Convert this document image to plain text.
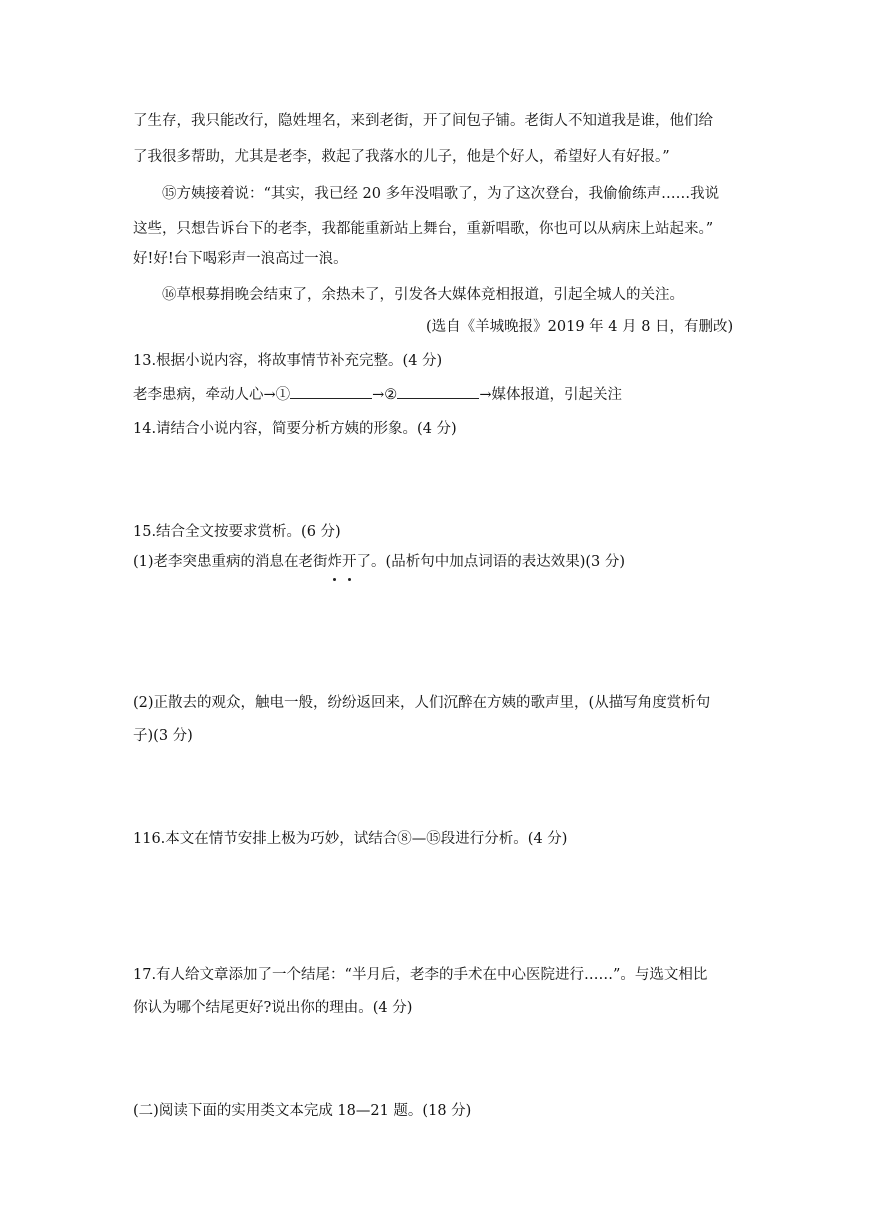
了生存，我只能改行，隐姓埋名，来到老街，开了间包子铺。老街人不知道我是谁，他们给
了我很多帮助，尤其是老李，救起了我落水的儿子，他是个好人，希望好人有好报。”
⑮方姨接着说：“其实，我已经 20 多年没唱歌了，为了这次登台，我偷偷练声……我说
这些，只想告诉台下的老李，我都能重新站上舞台，重新唱歌，你也可以从病床上站起来。”
好!好!台下喝彩声一浪高过一浪。
⑯草根募捐晚会结束了，余热未了，引发各大媒体竞相报道，引起全城人的关注。
(选自《羊城晚报》2019 年 4 月 8 日，有删改)
13.根据小说内容，将故事情节补充完整。(4 分)
老李患病，牵动人心→①	→②	→媒体报道，引起关注
14.请结合小说内容，简要分析方姨的形象。(4 分)
15.结合全文按要求赏析。(6 分)
(1)老李突患重病的消息在老街炸开了。(品析句中加点词语的表达效果)(3 分)
(2)正散去的观众，触电一般，纷纷返回来，人们沉醉在方姨的歌声里，(从描写角度赏析句
子)(3 分)
116.本文在情节安排上极为巧妙，试结合⑧—⑮段进行分析。(4 分)
17.有人给文章添加了一个结尾：“半月后，老李的手术在中心医院进行……”。与选文相比
你认为哪个结尾更好?说出你的理由。(4 分)
(二)阅读下面的实用类文本完成 18—21 题。(18 分)
